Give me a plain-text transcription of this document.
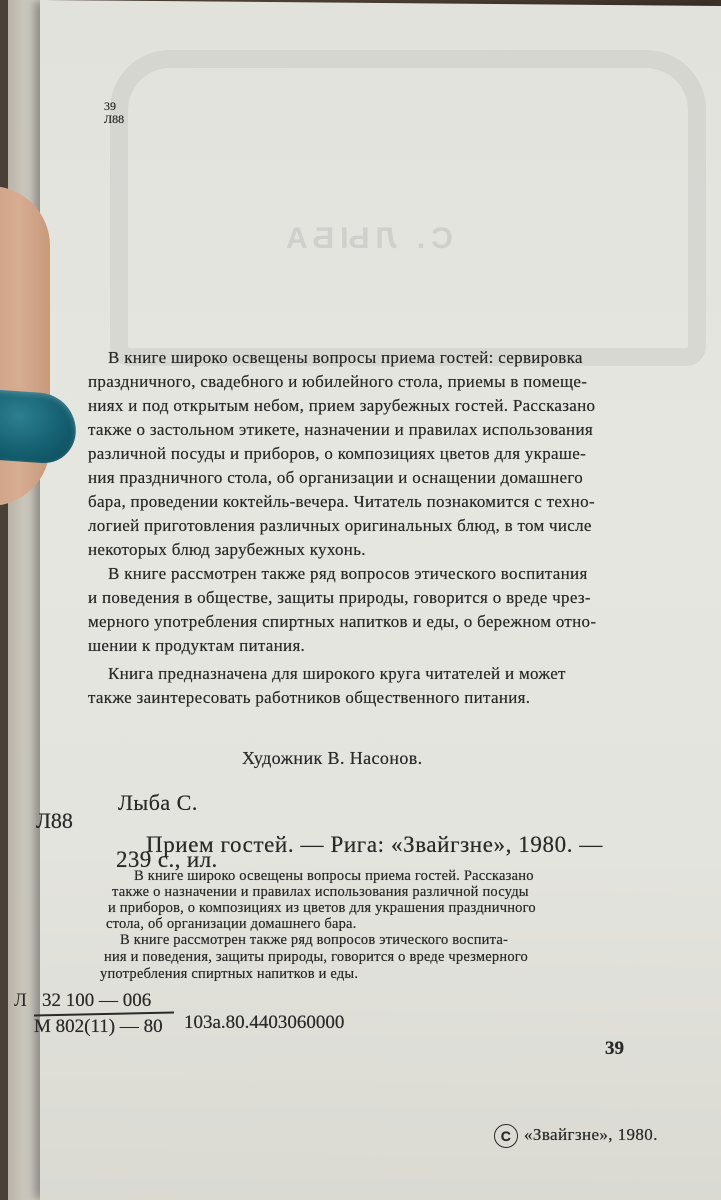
С. ЛЫБА
39
Л88
В книге широко освещены вопросы приема гостей: сервировка
праздничного, свадебного и юбилейного стола, приемы в помеще-
ниях и под открытым небом, прием зарубежных гостей. Рассказано
также о застольном этикете, назначении и правилах использования
различной посуды и приборов, о композициях цветов для украше-
ния праздничного стола, об организации и оснащении домашнего
бара, проведении коктейль-вечера. Читатель познакомится с техно-
логией приготовления различных оригинальных блюд, в том числе
некоторых блюд зарубежных кухонь.
В книге рассмотрен также ряд вопросов этического воспитания
и поведения в обществе, защиты природы, говорится о вреде чрез-
мерного употребления спиртных напитков и еды, о бережном отно-
шении к продуктам питания.
Книга предназначена для широкого круга читателей и может
также заинтересовать работников общественного питания.
Художник В. Насонов.
Лыба С.
Л88
Прием гостей. — Рига: «Звайгзне», 1980. —
239 с., ил.
В книге широко освещены вопросы приема гостей. Рассказано
также о назначении и правилах использования различной посуды
и приборов, о композициях из цветов для украшения праздничного
стола, об организации домашнего бара.
В книге рассмотрен также ряд вопросов этического воспита-
ния и поведения, защиты природы, говорится о вреде чрезмерного
употребления спиртных напитков и еды.
Л 32 100 — 006
М 802(11) — 80 103а.80.4403060000
39
C «Звайгзне», 1980.
